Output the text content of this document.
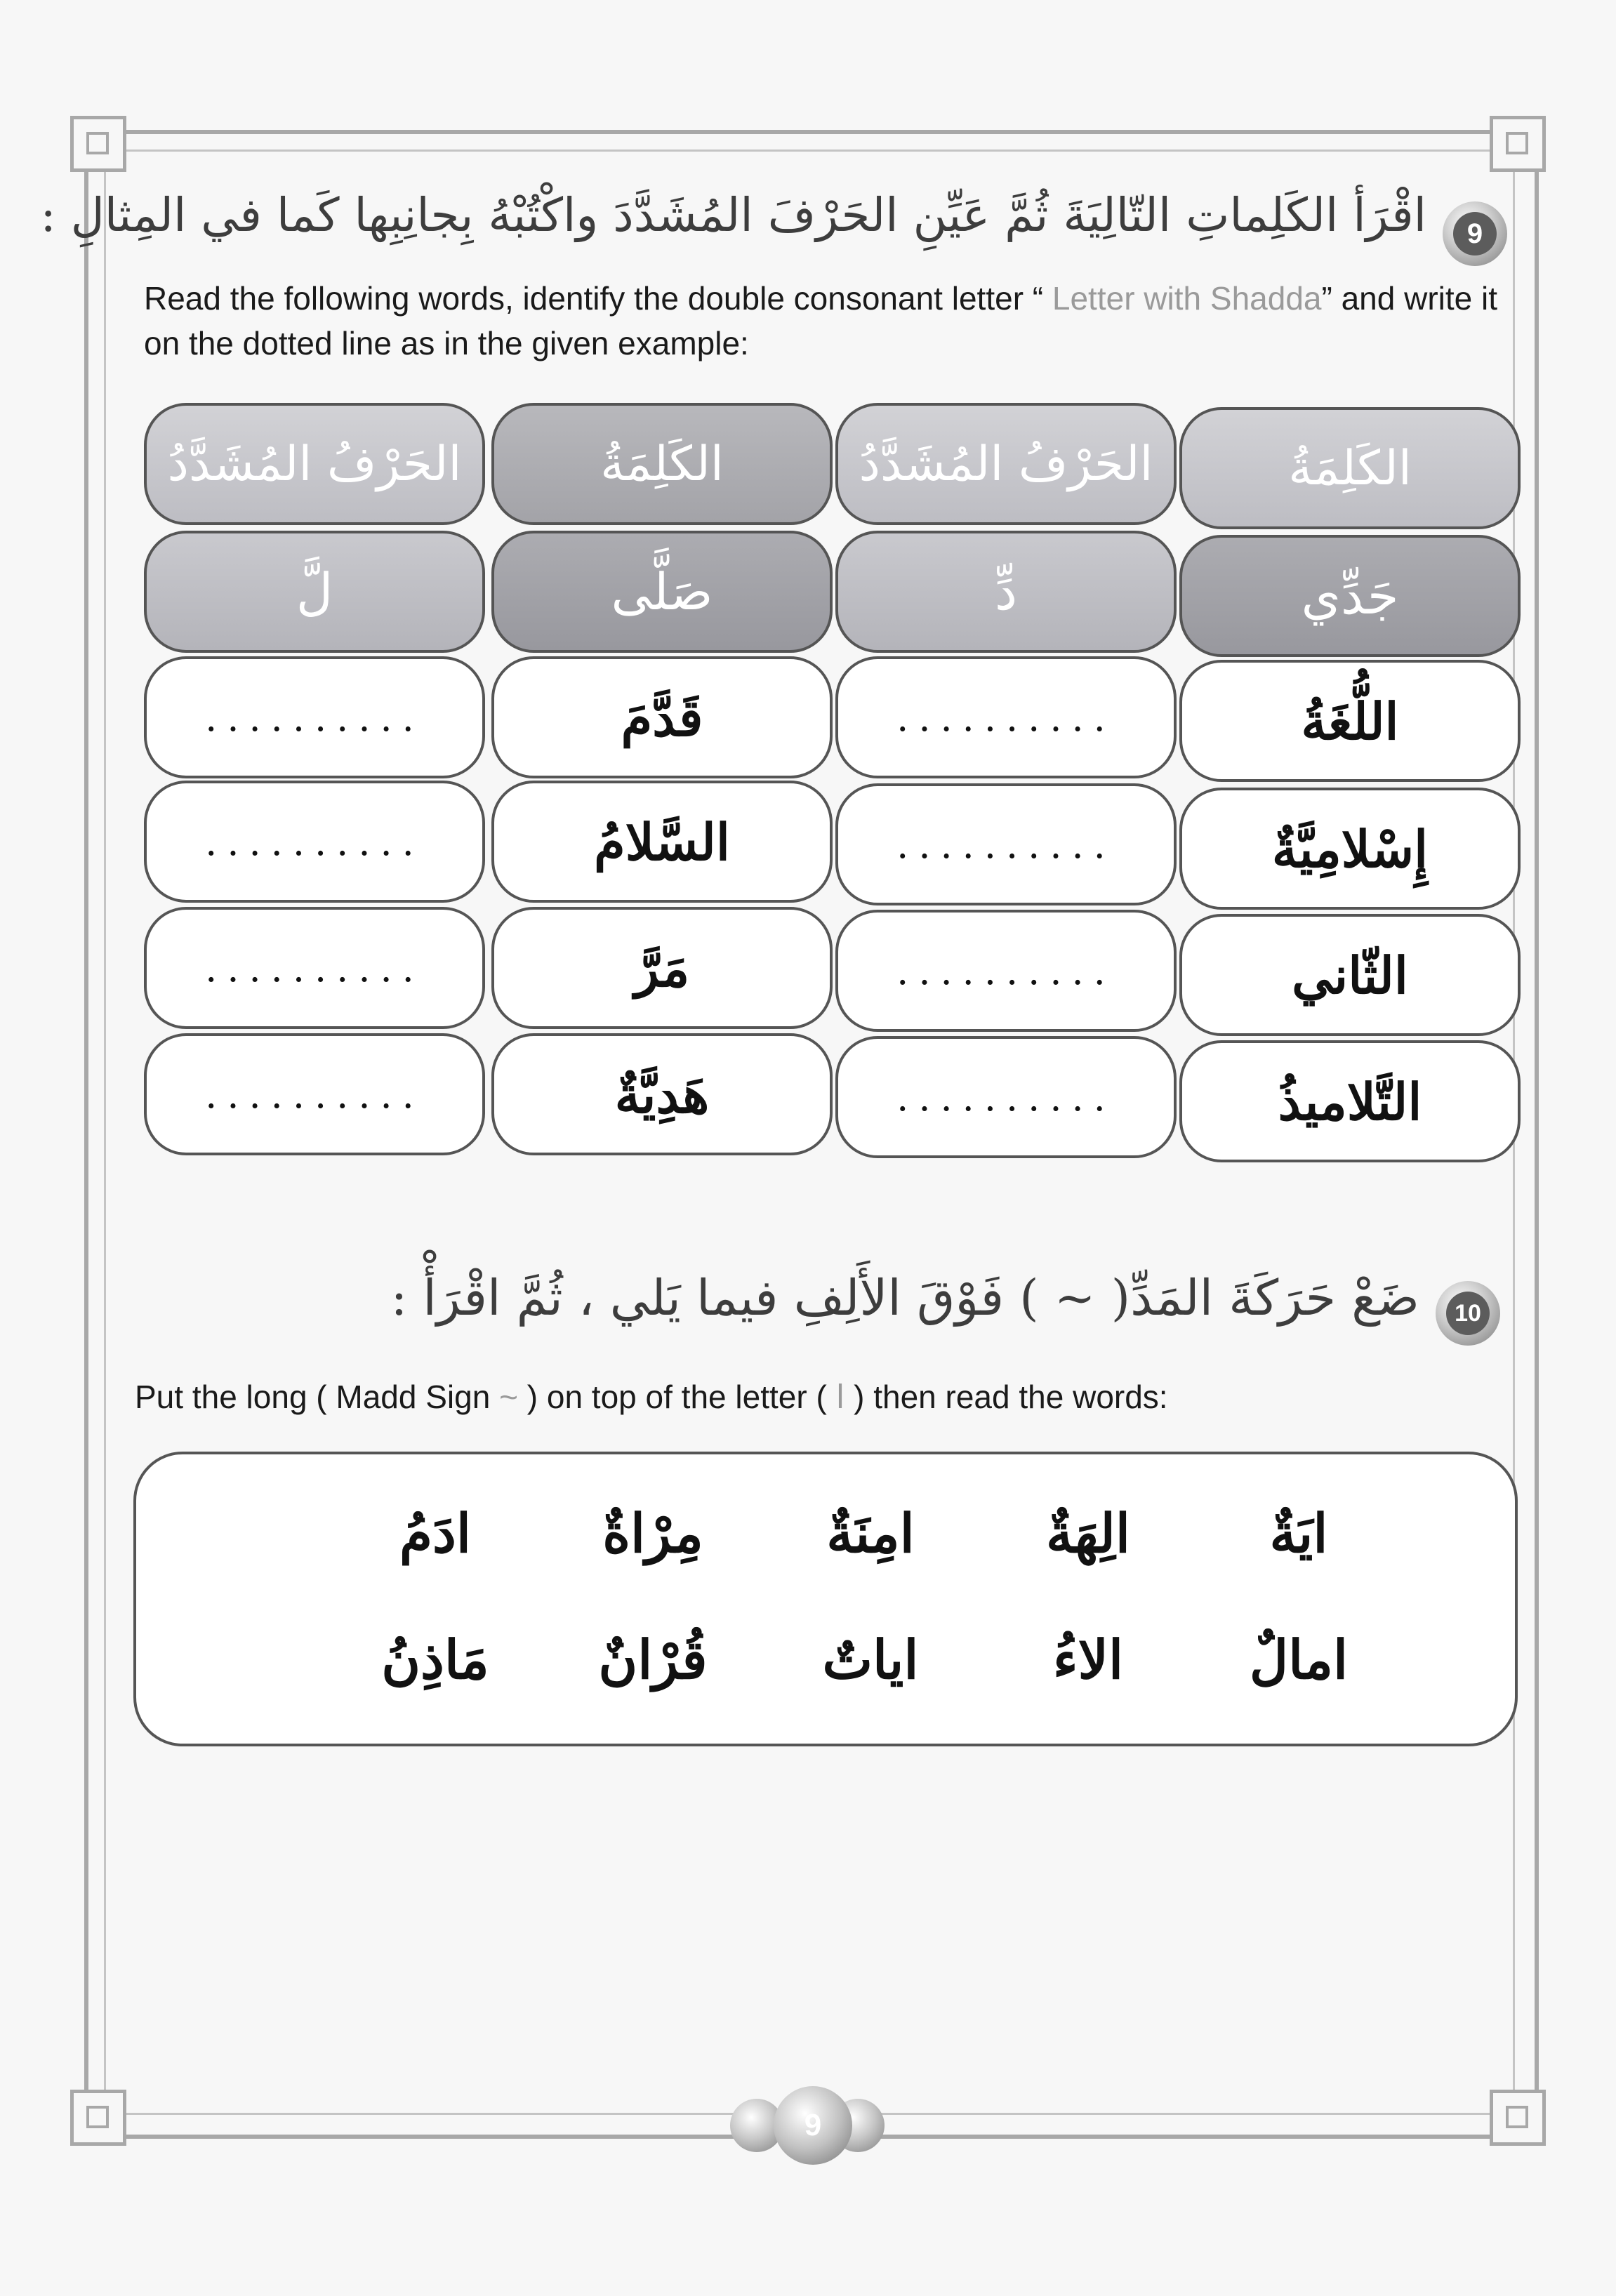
9
اقْرَأ الكَلِماتِ التّالِيَةَ ثُمَّ عَيِّنِ الحَرْفَ المُشَدَّدَ واكْتُبْهُ بِجانِبِها كَما في المِثالِ :
Read the following words, identify the double consonant letter “ Letter with Shadda” and write it on the dotted line as in the given example:
الكَلِمَةُ
الحَرْفُ المُشَدَّدُ
الكَلِمَةُ
الحَرْفُ المُشَدَّدُ
جَدِّي
دِّ
صَلَّى
لَّ
اللُّغَةُ
..........
قَدَّمَ
..........
إِسْلامِيَّةٌ
..........
السَّلامُ
..........
الثّاني
..........
مَرَّ
..........
التَّلاميذُ
..........
هَدِيَّةٌ
..........
10
ضَعْ حَرَكَةَ المَدِّ( ~ ) فَوْقَ الأَلِفِ فيما يَلي ، ثُمَّ اقْرَأْ :
Put the long ( Madd Sign ~ ) on top of the letter ( ا ) then read the words:
ايَةٌ
الِهَةٌ
امِنَةٌ
مِرْاةٌ
ادَمُ
امالٌ
الاءُ
اياتٌ
قُرْانٌ
مَاذِنُ
9
